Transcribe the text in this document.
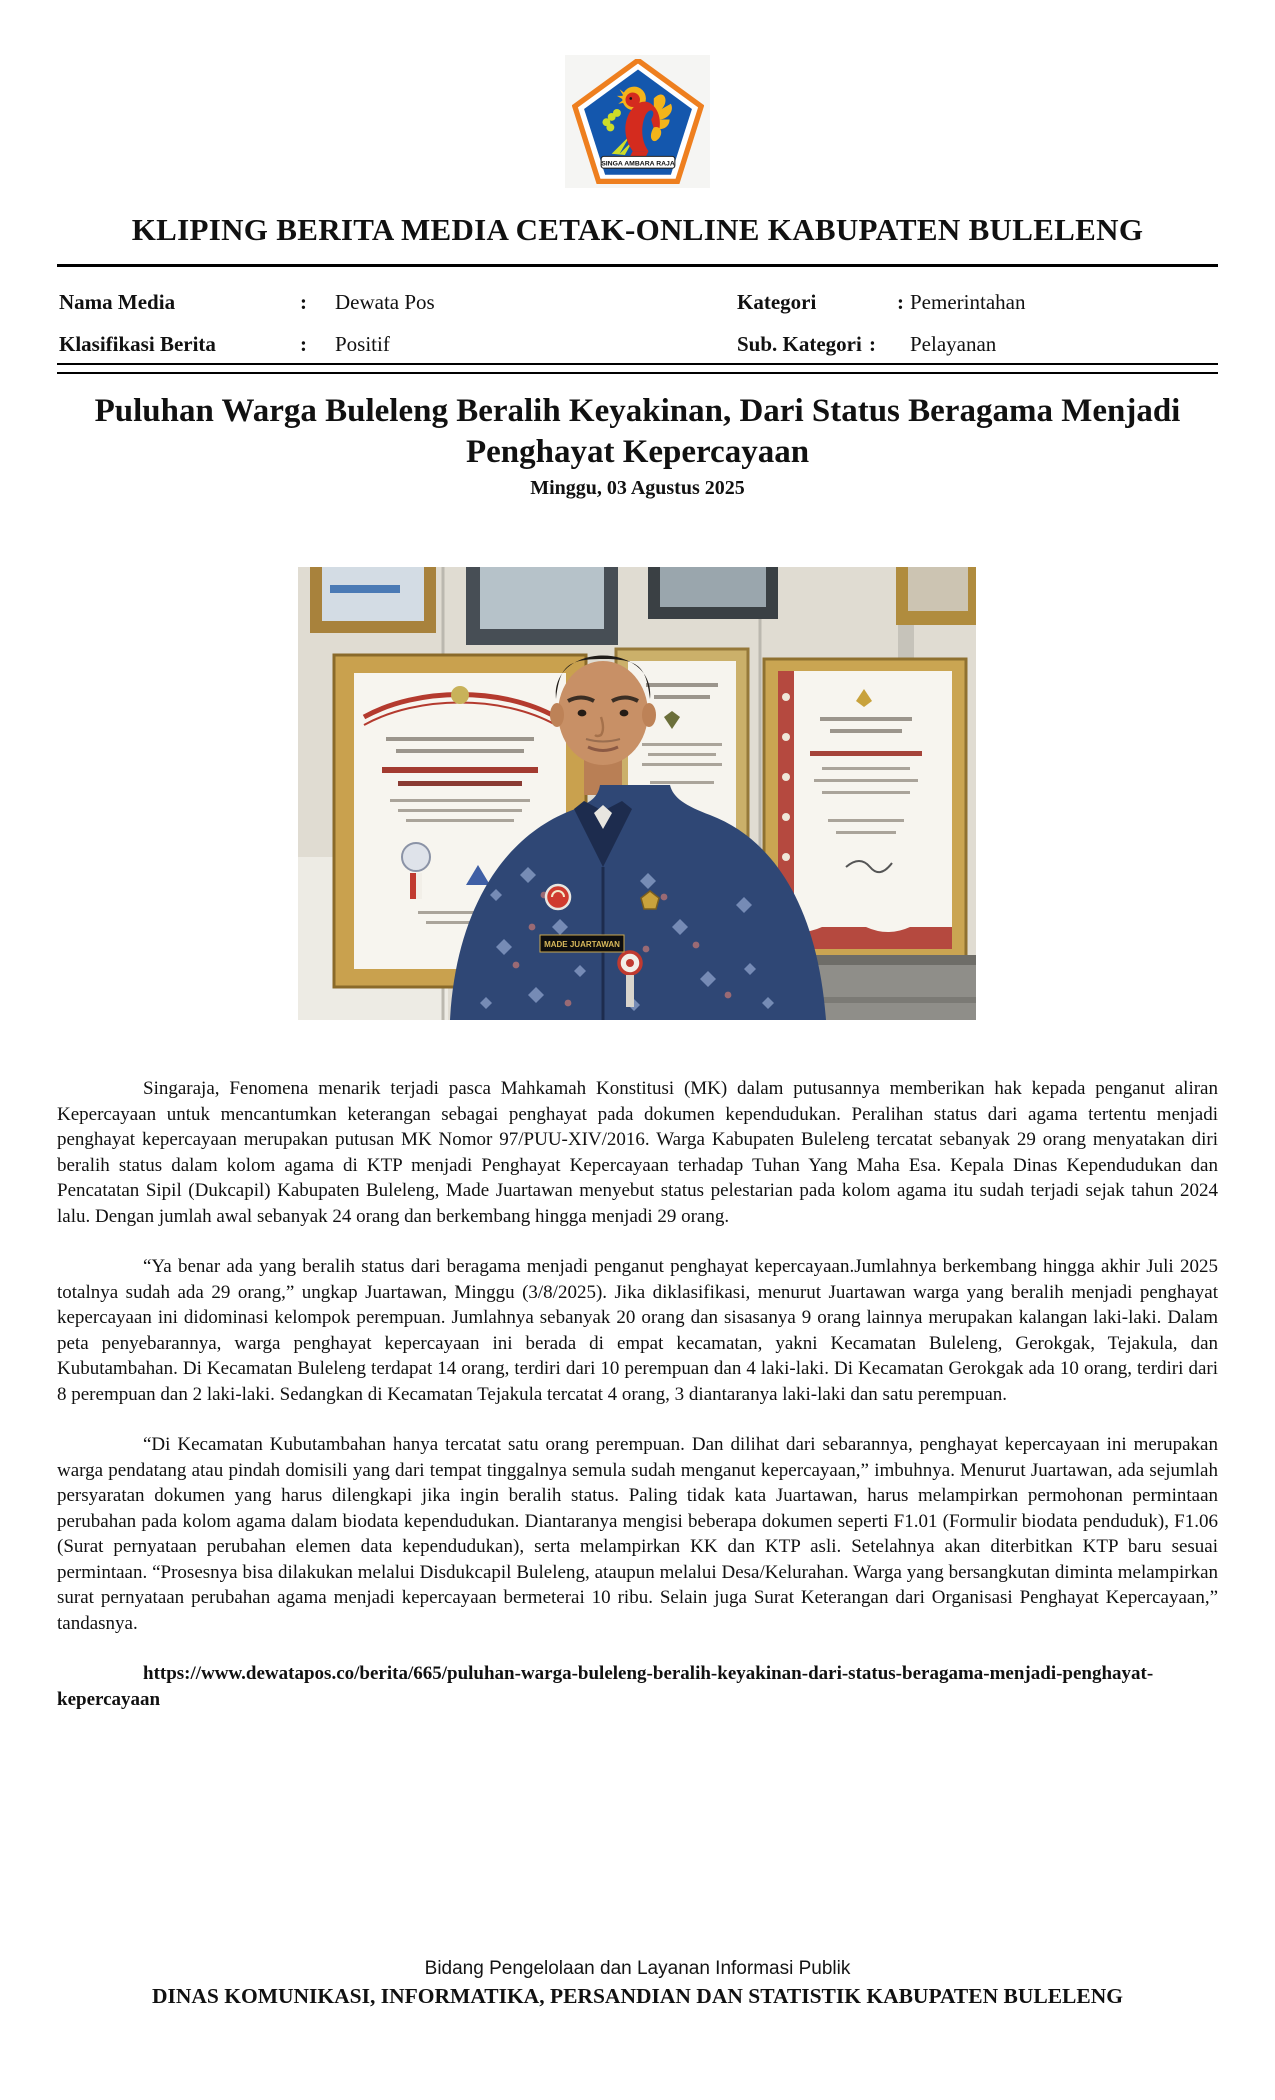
SINGA AMBARA RAJA
KLIPING BERITA MEDIA CETAK-ONLINE KABUPATEN BULELENG
Nama Media	: Dewata Pos	Kategori	: Pemerintahan
Klasifikasi Berita	: Positif	Sub. Kategori : Pelayanan
Puluhan Warga Buleleng Beralih Keyakinan, Dari Status Beragama Menjadi Penghayat Kepercayaan
Minggu, 03 Agustus 2025
MADE JUARTAWAN

Singaraja, Fenomena menarik terjadi pasca Mahkamah Konstitusi (MK) dalam putusannya memberikan hak kepada penganut aliran Kepercayaan untuk mencantumkan keterangan sebagai penghayat pada dokumen kependudukan. Peralihan status dari agama tertentu menjadi penghayat kepercayaan merupakan putusan MK Nomor 97/PUU-XIV/2016. Warga Kabupaten Buleleng tercatat sebanyak 29 orang menyatakan diri beralih status dalam kolom agama di KTP menjadi Penghayat Kepercayaan terhadap Tuhan Yang Maha Esa. Kepala Dinas Kependudukan dan Pencatatan Sipil (Dukcapil) Kabupaten Buleleng, Made Juartawan menyebut status pelestarian pada kolom agama itu sudah terjadi sejak tahun 2024 lalu. Dengan jumlah awal sebanyak 24 orang dan berkembang hingga menjadi 29 orang.

“Ya benar ada yang beralih status dari beragama menjadi penganut penghayat kepercayaan.Jumlahnya berkembang hingga akhir Juli 2025 totalnya sudah ada 29 orang,” ungkap Juartawan, Minggu (3/8/2025). Jika diklasifikasi, menurut Juartawan warga yang beralih menjadi penghayat kepercayaan ini didominasi kelompok perempuan. Jumlahnya sebanyak 20 orang dan sisasanya 9 orang lainnya merupakan kalangan laki-laki. Dalam peta penyebarannya, warga penghayat kepercayaan ini berada di empat kecamatan, yakni Kecamatan Buleleng, Gerokgak, Tejakula, dan Kubutambahan. Di Kecamatan Buleleng terdapat 14 orang, terdiri dari 10 perempuan dan 4 laki-laki. Di Kecamatan Gerokgak ada 10 orang, terdiri dari 8 perempuan dan 2 laki-laki. Sedangkan di Kecamatan Tejakula tercatat 4 orang, 3 diantaranya laki-laki dan satu perempuan.

“Di Kecamatan Kubutambahan hanya tercatat satu orang perempuan. Dan dilihat dari sebarannya, penghayat kepercayaan ini merupakan warga pendatang atau pindah domisili yang dari tempat tinggalnya semula sudah menganut kepercayaan,” imbuhnya. Menurut Juartawan, ada sejumlah persyaratan dokumen yang harus dilengkapi jika ingin beralih status. Paling tidak kata Juartawan, harus melampirkan permohonan permintaan perubahan pada kolom agama dalam biodata kependudukan. Diantaranya mengisi beberapa dokumen seperti F1.01 (Formulir biodata penduduk), F1.06 (Surat pernyataan perubahan elemen data kependudukan), serta melampirkan KK dan KTP asli. Setelahnya akan diterbitkan KTP baru sesuai permintaan. “Prosesnya bisa dilakukan melalui Disdukcapil Buleleng, ataupun melalui Desa/Kelurahan. Warga yang bersangkutan diminta melampirkan surat pernyataan perubahan agama menjadi kepercayaan bermeterai 10 ribu. Selain juga Surat Keterangan dari Organisasi Penghayat Kepercayaan,” tandasnya.

https://www.dewatapos.co/berita/665/puluhan-warga-buleleng-beralih-keyakinan-dari-status-beragama-menjadi-penghayat-kepercayaan

Bidang Pengelolaan dan Layanan Informasi Publik
DINAS KOMUNIKASI, INFORMATIKA, PERSANDIAN DAN STATISTIK KABUPATEN BULELENG
